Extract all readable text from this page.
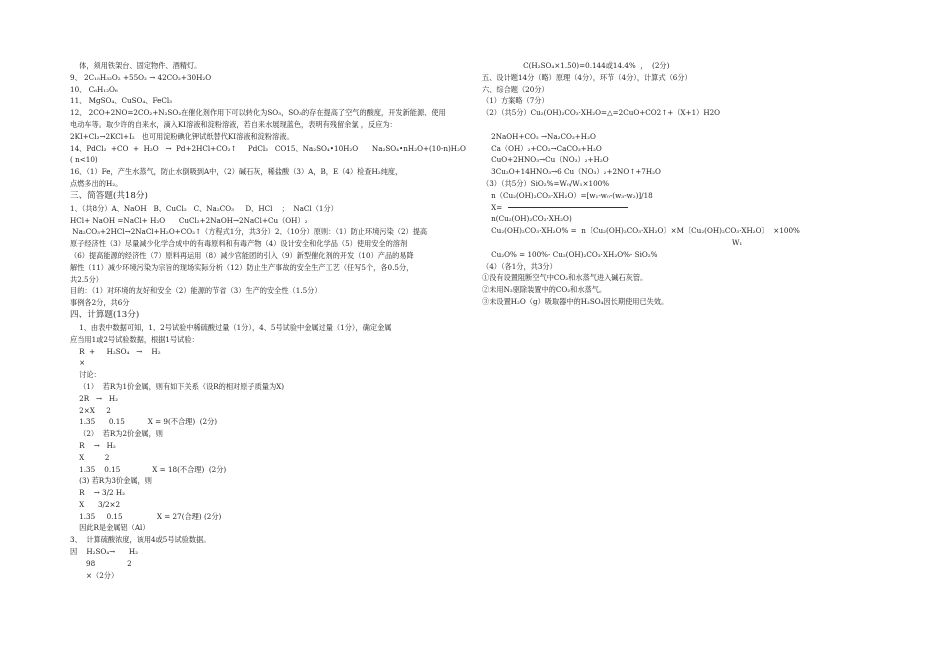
体，须用铁架台、固定物件、酒精灯。
9、 2C₁₅H₃₂O₂ +55O₂ → 42CO₂+30H₂O
10、 C₆H₁₂O₆
11、 MgSO₄、CuSO₄、FeCl₃
12、 2CO+2NO=2CO₂+N₂SO₂在催化剂作用下可以转化为SO₃，SO₃的存在提高了空气的酸度，开发新能源、使用
电动车等。取少许的自来水，滴入KI溶液和淀粉溶液，若自来水展现蓝色，表明有残留余氯 ，反应为：
2KI+Cl₂→2KCl+I₂   也可用淀粉碘化钾试纸替代KI溶液和淀粉溶液。
14、PdCl₂  +CO  +  H₂O   →  Pd+2HCl+CO₂↑     PdCl₂   CO15、Na₂SO₄•10H₂O      Na₂SO₄•nH₂O+(10-n)H₂O
( n<10)
16、（1）Fe，产生水蒸气，防止水倒吸到A中，（2）碱石灰，稀盐酸（3）A，B，E（4）检查H₂纯度，
点燃多出的H₂。
三、简答题(共18分)
1、（共8分）A、NaOH   B、CuCl₂   C、Na₂CO₃     D、HCl    ；  NaCl（1分）
HCl+ NaOH =NaCl+ H₂O      CuCl₂+2NaOH→2NaCl+Cu（OH）₂
Na₂CO₃+2HCl→2NaCl+H₂O+CO₂↑（方程式1分，共3分）2、（10分）原则：（1）防止环境污染（2）提高
原子经济性（3）尽量减少化学合成中的有毒原料和有毒产物（4）设计安全和化学品（5）使用安全的溶剂
（6）提高能源的经济性（7）原料再运用（8）减少官能团的引入（9）新型催化剂的开发（10）产品的易降
解性（11）减少环境污染为宗旨的现场实际分析（12）防止生产事故的安全生产工艺（任写5个，各0.5分，
共2.5分）
目的：（1）对环境的友好和安全（2）能源的节省（3）生产的安全性（1.5分）
事例各2分，共6分
四、计算题(13分)
1、由表中数据可知，1、2号试验中稀硫酸过量（1分），4、5号试验中金属过量（1分），确定金属
应当用1或2号试验数据，根据1号试验：
R  +     H₂SO₄   →    H₂
×
讨论：
（1）  若R为1价金属，则有如下关系（设R的相对原子质量为X)
2R   →   H₂
2×X     2
1.35      0.15          X = 9(不合理)  (2分)
（2）  若R为2价金属，则
R    →   H₂
X         2
1.35    0.15              X = 18(不合理)  (2分)
(3) 若R为3价金属，则
R    → 3/2 H₂
X      3/2×2
1.35     0.15               X = 27(合理) (2分)
因此R是金属铝（Al）
3、  计算硫酸浓度，该用4或5号试验数据。
因    H₂SO₄→      H₂
98              2
×（2分）
C(H₂SO₄×1.50)=0.144或14.4%  ，  (2分)
五、设计题14分（略）原理（4分），环节（4分），计算式（6分）
六、综合题（20分）
（1）方案略（7分）
（2）（共5分）Cu₂(OH)₂CO₃·XH₂O=△=2CuO+CO2↑+（X+1）H2O
2NaOH+CO₂ →Na₂CO₃+H₂O
Ca（OH）₂+CO₂→CaCO₃+H₂O
CuO+2HNO₃→Cu（NO₃）₂+H₂O
3Cu₂O+14HNO₃→6 Cu（NO₃）₂+2NO↑+7H₂O
（3）（共5分）SiO₂%=W₀/W₁×100%
n（Cu₂(OH)₂CO₃·XH₂O）=[w₁-w₀-(w₃-w₂)]/18
X=
n(Cu₂(OH)₂CO₃·XH₂O)
Cu₂(OH)₂CO₃·XH₂O% =  n〔Cu₂(OH)₂CO₃·XH₂O〕×M〔Cu₂(OH)₂CO₃·XH₂O〕  ×100%
W₁
Cu₂O% = 100%- Cu₂(OH)₂CO₃·XH₂O%- SiO₂%
（4）（各1分，共3分）
①没有设置阻断空气中CO₂和水蒸气进入碱石灰管。
②未用N₂驱除装置中的CO₂和水蒸气。
③未设置H₂O（g）吸取器中的H₂SO₄因长期使用已失效。
